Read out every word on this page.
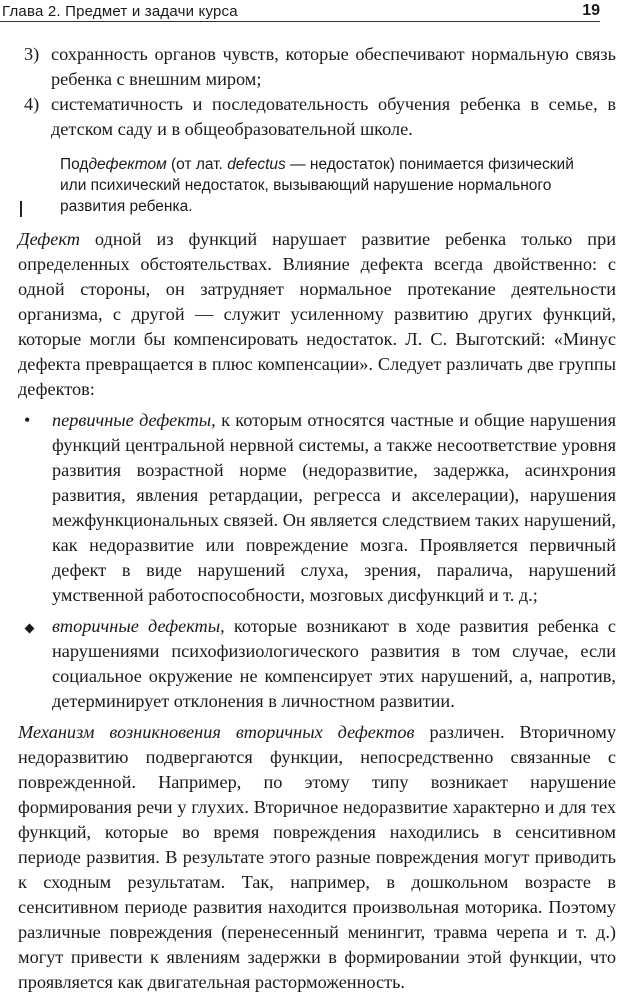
Глава 2. Предмет и задачи курса	19
3) сохранность органов чувств, которые обеспечивают нормальную связь ребенка с внешним миром;
4) систематичность и последовательность обучения ребенка в семье, в детском саду и в общеобразовательной школе.
Поддефектом (от лат. defectus — недостаток) понимается физический или психический недостаток, вызывающий нарушение нормального развития ребенка.

Дефект одной из функций нарушает развитие ребенка только при определенных обстоятельствах. Влияние дефекта всегда двойственно: с одной стороны, он затрудняет нормальное протекание деятельности организма, с другой — служит усиленному развитию других функций, которые могли бы компенсировать недостаток. Л. С. Выготский: «Минус дефекта превращается в плюс компенсации». Следует различать две группы дефектов:

•	первичные дефекты, к которым относятся частные и общие нарушения функций центральной нервной системы, а также несоответствие уровня развития возрастной норме (недоразвитие, задержка, асинхрония развития, явления ретардации, регресса и акселерации), нарушения межфункциональных связей. Он является следствием таких нарушений, как недоразвитие или повреждение мозга. Проявляется первичный дефект в виде нарушений слуха, зрения, паралича, нарушений умственной работоспособности, мозговых дисфункций и т. д.;
вторичные дефекты, которые возникают в ходе развития ребенка с нарушениями психофизиологического развития в том случае, если социальное окружение не компенсирует этих нарушений, а, напротив, детерминирует отклонения в личностном развитии.

Механизм возникновения вторичных дефектов различен. Вторичному недоразвитию подвергаются функции, непосредственно связанные с поврежденной. Например, по этому типу возникает нарушение формирования речи у глухих. Вторичное недоразвитие характерно и для тех функций, которые во время повреждения находились в сенситивном периоде развития. В результате этого разные повреждения могут приводить к сходным результатам. Так, например, в дошкольном возрасте в сенситивном периоде развития находится произвольная моторика. Поэтому различные повреждения (перенесенный менингит, травма черепа и т. д.) могут привести к явлениям задержки в формировании этой функции, что проявляется как двигательная расторможенность.
